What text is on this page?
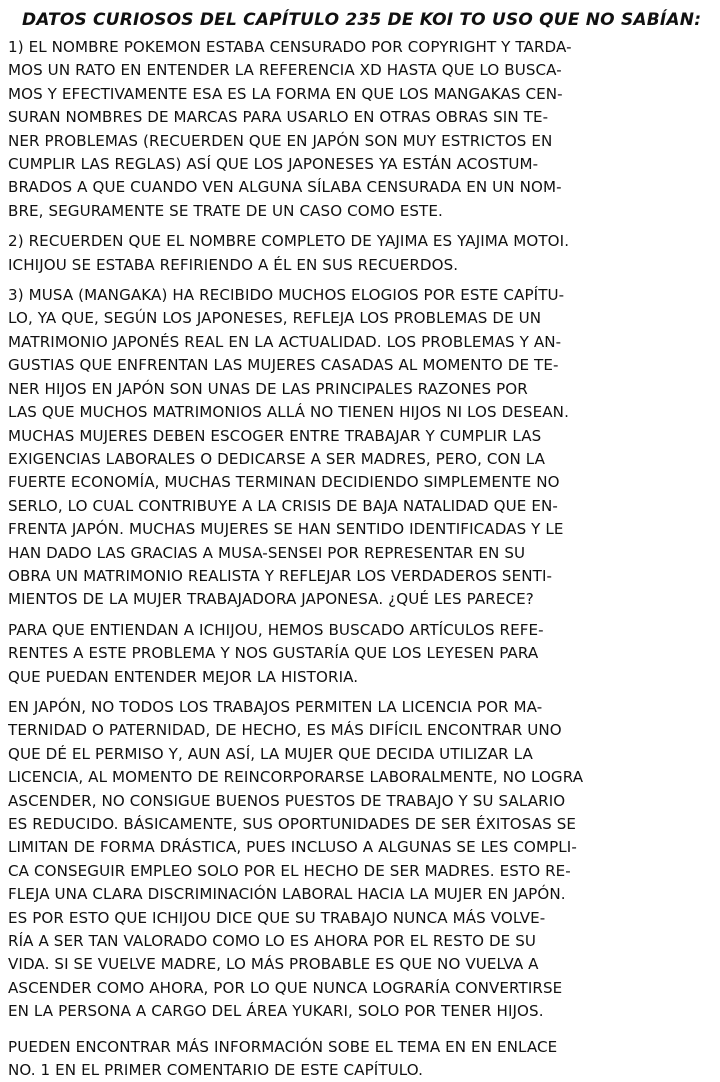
DATOS CURIOSOS DEL CAPÍTULO 235 DE KOI TO USO QUE NO SABÍAN:
1) EL NOMBRE POKEMON ESTABA CENSURADO POR COPYRIGHT Y TARDA-
MOS UN RATO EN ENTENDER LA REFERENCIA XD HASTA QUE LO BUSCA-
MOS Y EFECTIVAMENTE ESA ES LA FORMA EN QUE LOS MANGAKAS CEN-
SURAN NOMBRES DE MARCAS PARA USARLO EN OTRAS OBRAS SIN TE-
NER PROBLEMAS (RECUERDEN QUE EN JAPÓN SON MUY ESTRICTOS EN
CUMPLIR LAS REGLAS) ASÍ QUE LOS JAPONESES YA ESTÁN ACOSTUM-
BRADOS A QUE CUANDO VEN ALGUNA SÍLABA CENSURADA EN UN NOM-
BRE, SEGURAMENTE SE TRATE DE UN CASO COMO ESTE.
2) RECUERDEN QUE EL NOMBRE COMPLETO DE YAJIMA ES YAJIMA MOTOI.
ICHIJOU SE ESTABA REFIRIENDO A ÉL EN SUS RECUERDOS.
3) MUSA (MANGAKA) HA RECIBIDO MUCHOS ELOGIOS POR ESTE CAPÍTU-
LO, YA QUE, SEGÚN LOS JAPONESES, REFLEJA LOS PROBLEMAS DE UN
MATRIMONIO JAPONÉS REAL EN LA ACTUALIDAD. LOS PROBLEMAS Y AN-
GUSTIAS QUE ENFRENTAN LAS MUJERES CASADAS AL MOMENTO DE TE-
NER HIJOS EN JAPÓN SON UNAS DE LAS PRINCIPALES RAZONES POR
LAS QUE MUCHOS MATRIMONIOS ALLÁ NO TIENEN HIJOS NI LOS DESEAN.
MUCHAS MUJERES DEBEN ESCOGER ENTRE TRABAJAR Y CUMPLIR LAS
EXIGENCIAS LABORALES O DEDICARSE A SER MADRES, PERO, CON LA
FUERTE ECONOMÍA, MUCHAS TERMINAN DECIDIENDO SIMPLEMENTE NO
SERLO, LO CUAL CONTRIBUYE A LA CRISIS DE BAJA NATALIDAD QUE EN-
FRENTA JAPÓN. MUCHAS MUJERES SE HAN SENTIDO IDENTIFICADAS Y LE
HAN DADO LAS GRACIAS A MUSA-SENSEI POR REPRESENTAR EN SU
OBRA UN MATRIMONIO REALISTA Y REFLEJAR LOS VERDADEROS SENTI-
MIENTOS DE LA MUJER TRABAJADORA JAPONESA. ¿QUÉ LES PARECE?
PARA QUE ENTIENDAN A ICHIJOU, HEMOS BUSCADO ARTÍCULOS REFE-
RENTES A ESTE PROBLEMA Y NOS GUSTARÍA QUE LOS LEYESEN PARA
QUE PUEDAN ENTENDER MEJOR LA HISTORIA.
EN JAPÓN, NO TODOS LOS TRABAJOS PERMITEN LA LICENCIA POR MA-
TERNIDAD O PATERNIDAD, DE HECHO, ES MÁS DIFÍCIL ENCONTRAR UNO
QUE DÉ EL PERMISO Y, AUN ASÍ, LA MUJER QUE DECIDA UTILIZAR LA
LICENCIA, AL MOMENTO DE REINCORPORARSE LABORALMENTE, NO LOGRA
ASCENDER, NO CONSIGUE BUENOS PUESTOS DE TRABAJO Y SU SALARIO
ES REDUCIDO. BÁSICAMENTE, SUS OPORTUNIDADES DE SER ÉXITOSAS SE
LIMITAN DE FORMA DRÁSTICA, PUES INCLUSO A ALGUNAS SE LES COMPLI-
CA CONSEGUIR EMPLEO SOLO POR EL HECHO DE SER MADRES. ESTO RE-
FLEJA UNA CLARA DISCRIMINACIÓN LABORAL HACIA LA MUJER EN JAPÓN.
ES POR ESTO QUE ICHIJOU DICE QUE SU TRABAJO NUNCA MÁS VOLVE-
RÍA A SER TAN VALORADO COMO LO ES AHORA POR EL RESTO DE SU
VIDA. SI SE VUELVE MADRE, LO MÁS PROBABLE ES QUE NO VUELVA A
ASCENDER COMO AHORA, POR LO QUE NUNCA LOGRARÍA CONVERTIRSE
EN LA PERSONA A CARGO DEL ÁREA YUKARI, SOLO POR TENER HIJOS.
PUEDEN ENCONTRAR MÁS INFORMACIÓN SOBE EL TEMA EN EN ENLACE
NO. 1 EN EL PRIMER COMENTARIO DE ESTE CAPÍTULO.
